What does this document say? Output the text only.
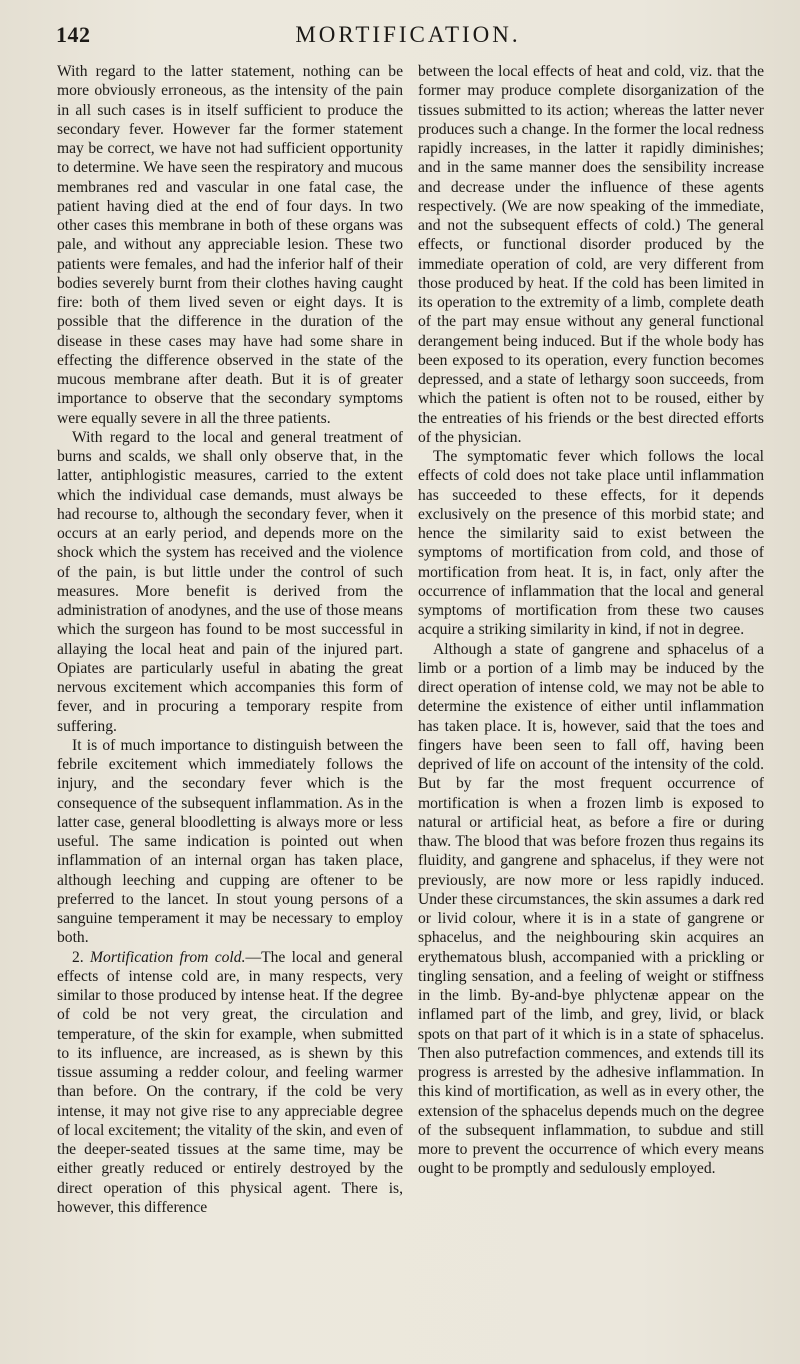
142	MORTIFICATION.

With regard to the latter statement, nothing can be more obviously erroneous, as the intensity of the pain in all such cases is in itself sufficient to produce the secondary fever. However far the former statement may be correct, we have not had sufficient opportunity to determine. We have seen the respiratory and mucous membranes red and vascular in one fatal case, the patient having died at the end of four days. In two other cases this membrane in both of these organs was pale, and without any appreciable lesion. These two patients were females, and had the inferior half of their bodies severely burnt from their clothes having caught fire: both of them lived seven or eight days. It is possible that the difference in the duration of the disease in these cases may have had some share in effecting the difference observed in the state of the mucous membrane after death. But it is of greater importance to observe that the secondary symptoms were equally severe in all the three patients.

With regard to the local and general treatment of burns and scalds, we shall only observe that, in the latter, antiphlogistic measures, carried to the extent which the individual case demands, must always be had recourse to, although the secondary fever, when it occurs at an early period, and depends more on the shock which the system has received and the violence of the pain, is but little under the control of such measures. More benefit is derived from the administration of anodynes, and the use of those means which the surgeon has found to be most successful in allaying the local heat and pain of the injured part. Opiates are particularly useful in abating the great nervous excitement which accompanies this form of fever, and in procuring a temporary respite from suffering.

It is of much importance to distinguish between the febrile excitement which immediately follows the injury, and the secondary fever which is the consequence of the subsequent inflammation. As in the latter case, general bloodletting is always more or less useful. The same indication is pointed out when inflammation of an internal organ has taken place, although leeching and cupping are oftener to be preferred to the lancet. In stout young persons of a sanguine temperament it may be necessary to employ both.

2. Mortification from cold.—The local and general effects of intense cold are, in many respects, very similar to those produced by intense heat. If the degree of cold be not very great, the circulation and temperature, of the skin for example, when submitted to its influence, are increased, as is shewn by this tissue assuming a redder colour, and feeling warmer than before. On the contrary, if the cold be very intense, it may not give rise to any appreciable degree of local excitement; the vitality of the skin, and even of the deeper-seated tissues at the same time, may be either greatly reduced or entirely destroyed by the direct operation of this physical agent. There is, however, this difference

between the local effects of heat and cold, viz. that the former may produce complete disorganization of the tissues submitted to its action; whereas the latter never produces such a change. In the former the local redness rapidly increases, in the latter it rapidly diminishes; and in the same manner does the sensibility increase and decrease under the influence of these agents respectively. (We are now speaking of the immediate, and not the subsequent effects of cold.) The general effects, or functional disorder produced by the immediate operation of cold, are very different from those produced by heat. If the cold has been limited in its operation to the extremity of a limb, complete death of the part may ensue without any general functional derangement being induced. But if the whole body has been exposed to its operation, every function becomes depressed, and a state of lethargy soon succeeds, from which the patient is often not to be roused, either by the entreaties of his friends or the best directed efforts of the physician.

The symptomatic fever which follows the local effects of cold does not take place until inflammation has succeeded to these effects, for it depends exclusively on the presence of this morbid state; and hence the similarity said to exist between the symptoms of mortification from cold, and those of mortification from heat. It is, in fact, only after the occurrence of inflammation that the local and general symptoms of mortification from these two causes acquire a striking similarity in kind, if not in degree.

Although a state of gangrene and sphacelus of a limb or a portion of a limb may be induced by the direct operation of intense cold, we may not be able to determine the existence of either until inflammation has taken place. It is, however, said that the toes and fingers have been seen to fall off, having been deprived of life on account of the intensity of the cold. But by far the most frequent occurrence of mortification is when a frozen limb is exposed to natural or artificial heat, as before a fire or during thaw. The blood that was before frozen thus regains its fluidity, and gangrene and sphacelus, if they were not previously, are now more or less rapidly induced. Under these circumstances, the skin assumes a dark red or livid colour, where it is in a state of gangrene or sphacelus, and the neighbouring skin acquires an erythematous blush, accompanied with a prickling or tingling sensation, and a feeling of weight or stiffness in the limb. By-and-bye phlyctenæ appear on the inflamed part of the limb, and grey, livid, or black spots on that part of it which is in a state of sphacelus. Then also putrefaction commences, and extends till its progress is arrested by the adhesive inflammation. In this kind of mortification, as well as in every other, the extension of the sphacelus depends much on the degree of the subsequent inflammation, to subdue and still more to prevent the occurrence of which every means ought to be promptly and sedulously employed.
